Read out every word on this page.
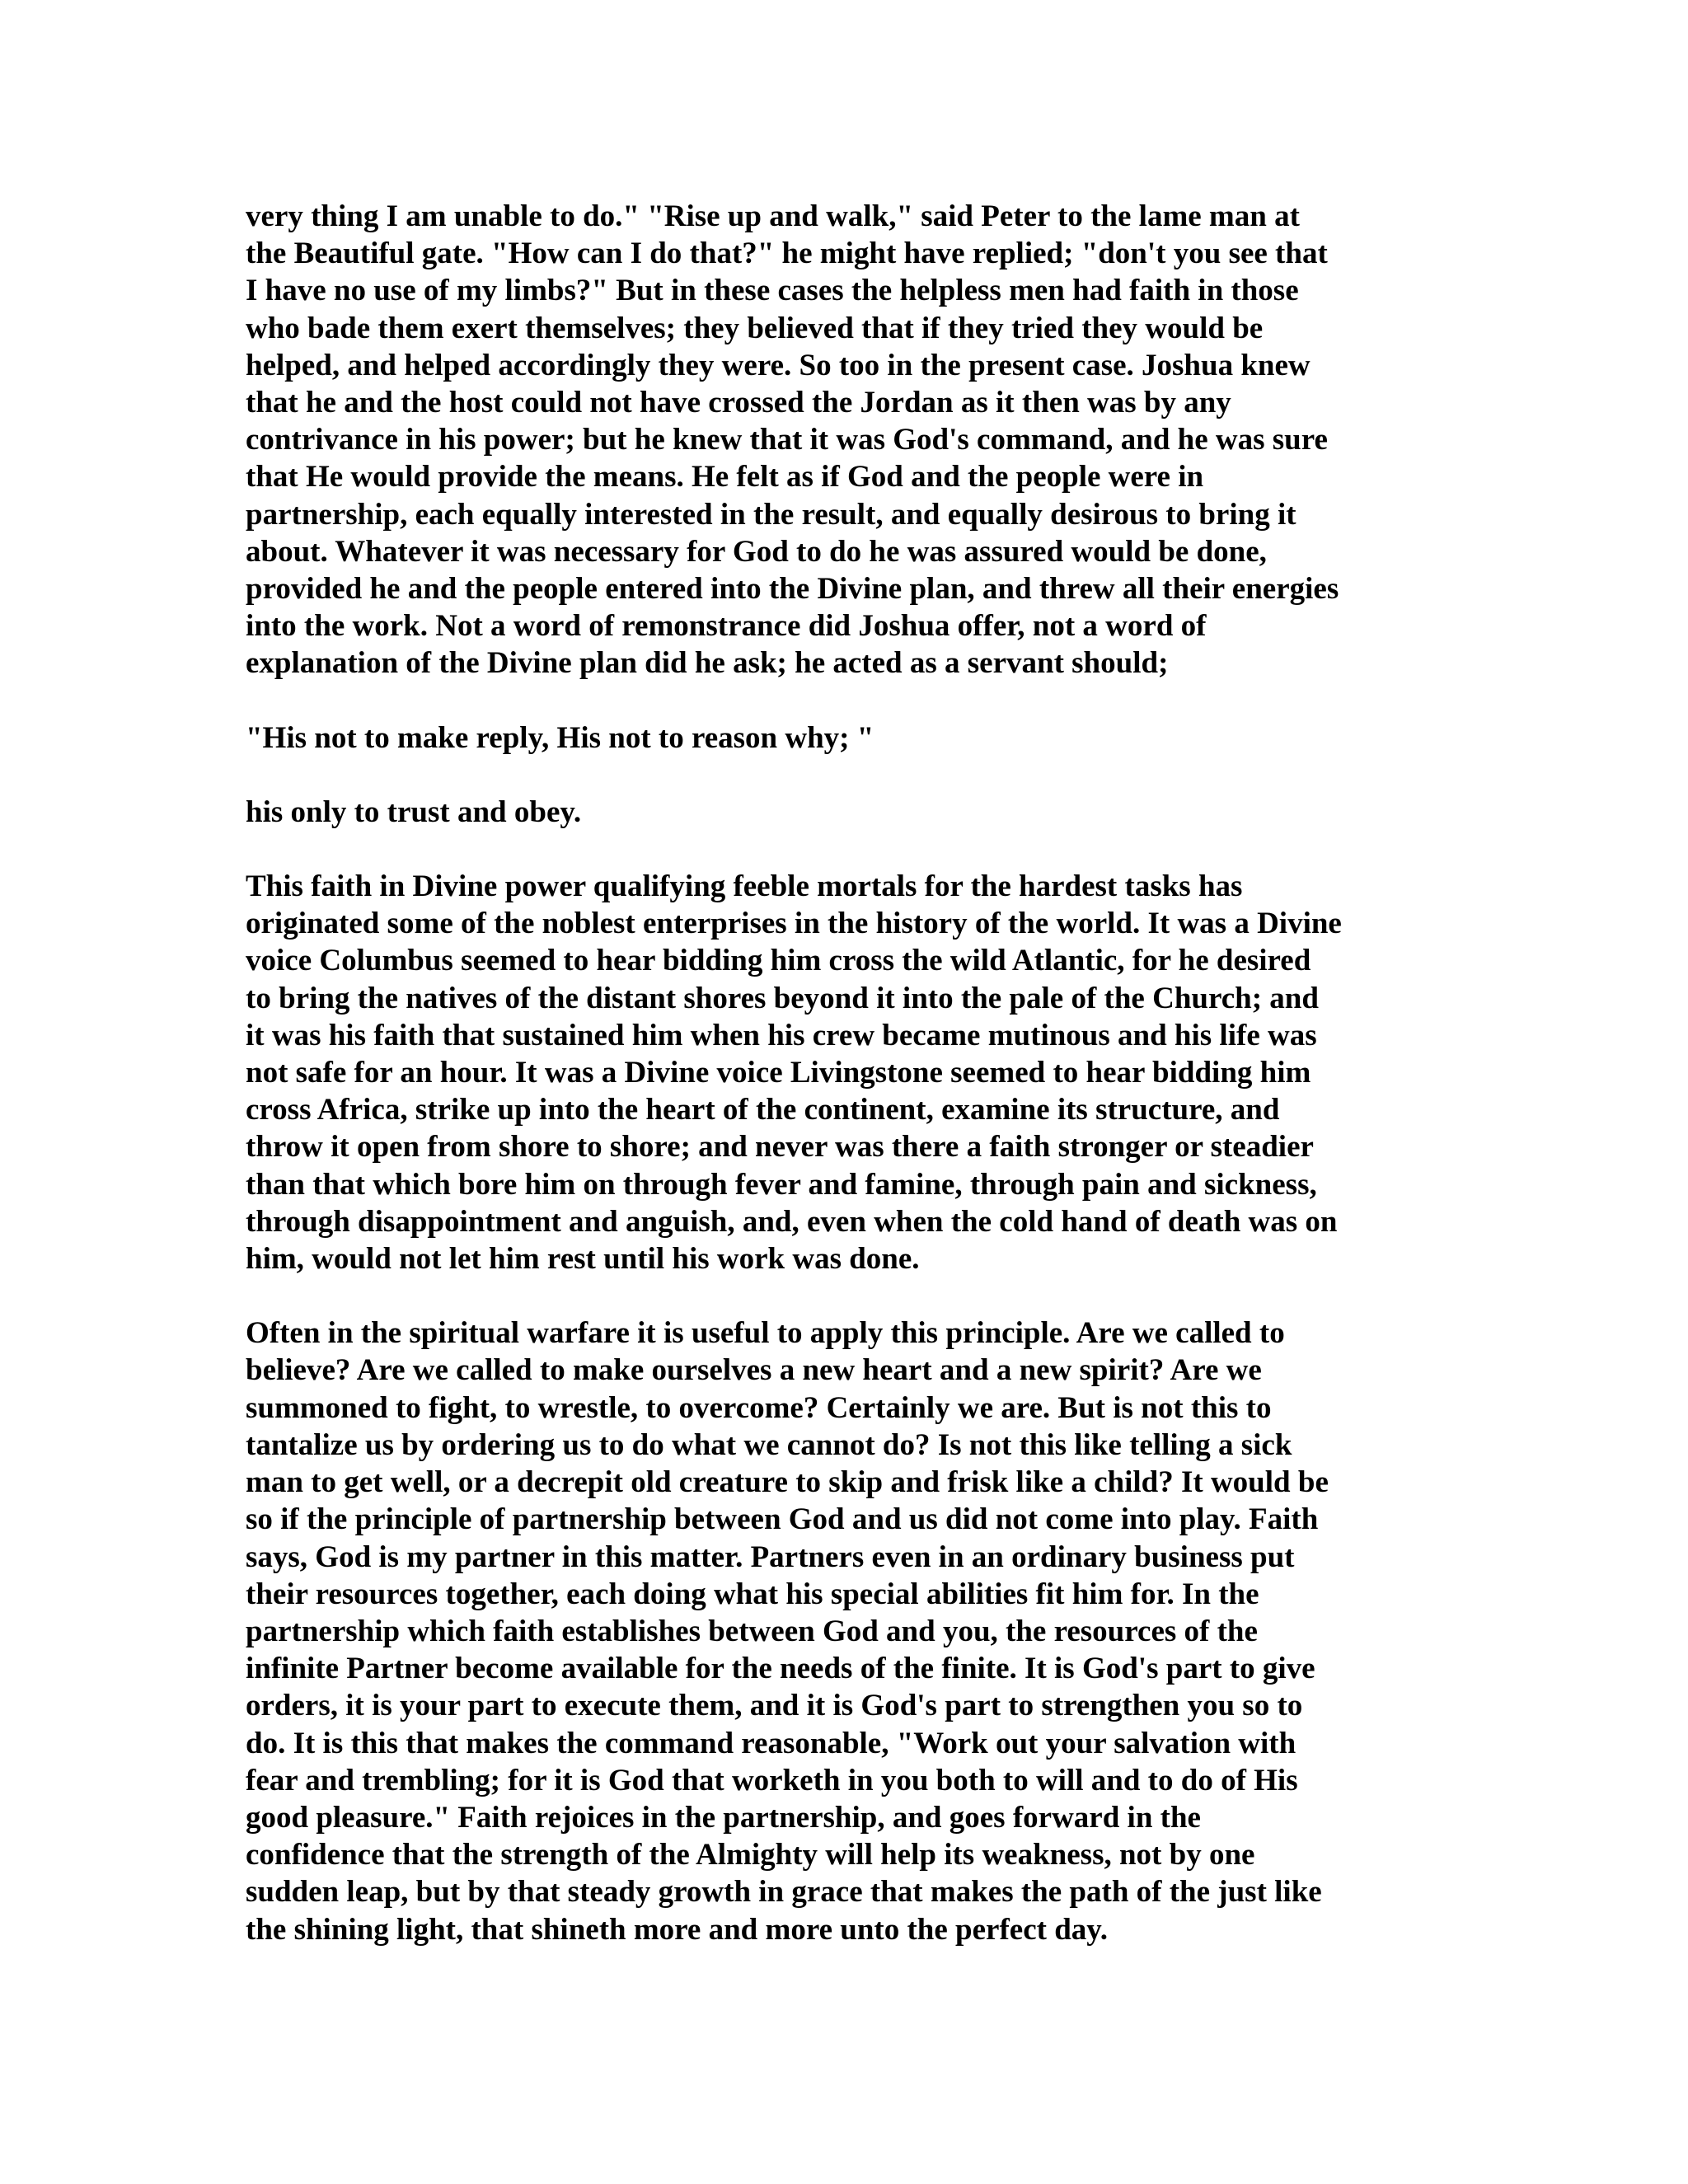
very thing I am unable to do." "Rise up and walk," said Peter to the lame man at
the Beautiful gate. "How can I do that?" he might have replied; "don't you see that
I have no use of my limbs?" But in these cases the helpless men had faith in those
who bade them exert themselves; they believed that if they tried they would be
helped, and helped accordingly they were. So too in the present case. Joshua knew
that he and the host could not have crossed the Jordan as it then was by any
contrivance in his power; but he knew that it was God's command, and he was sure
that He would provide the means. He felt as if God and the people were in
partnership, each equally interested in the result, and equally desirous to bring it
about. Whatever it was necessary for God to do he was assured would be done,
provided he and the people entered into the Divine plan, and threw all their energies
into the work. Not a word of remonstrance did Joshua offer, not a word of
explanation of the Divine plan did he ask; he acted as a servant should;

"His not to make reply, His not to reason why; "

his only to trust and obey.

This faith in Divine power qualifying feeble mortals for the hardest tasks has
originated some of the noblest enterprises in the history of the world. It was a Divine
voice Columbus seemed to hear bidding him cross the wild Atlantic, for he desired
to bring the natives of the distant shores beyond it into the pale of the Church; and
it was his faith that sustained him when his crew became mutinous and his life was
not safe for an hour. It was a Divine voice Livingstone seemed to hear bidding him
cross Africa, strike up into the heart of the continent, examine its structure, and
throw it open from shore to shore; and never was there a faith stronger or steadier
than that which bore him on through fever and famine, through pain and sickness,
through disappointment and anguish, and, even when the cold hand of death was on
him, would not let him rest until his work was done.

Often in the spiritual warfare it is useful to apply this principle. Are we called to
believe? Are we called to make ourselves a new heart and a new spirit? Are we
summoned to fight, to wrestle, to overcome? Certainly we are. But is not this to
tantalize us by ordering us to do what we cannot do? Is not this like telling a sick
man to get well, or a decrepit old creature to skip and frisk like a child? It would be
so if the principle of partnership between God and us did not come into play. Faith
says, God is my partner in this matter. Partners even in an ordinary business put
their resources together, each doing what his special abilities fit him for. In the
partnership which faith establishes between God and you, the resources of the
infinite Partner become available for the needs of the finite. It is God's part to give
orders, it is your part to execute them, and it is God's part to strengthen you so to
do. It is this that makes the command reasonable, "Work out your salvation with
fear and trembling; for it is God that worketh in you both to will and to do of His
good pleasure." Faith rejoices in the partnership, and goes forward in the
confidence that the strength of the Almighty will help its weakness, not by one
sudden leap, but by that steady growth in grace that makes the path of the just like
the shining light, that shineth more and more unto the perfect day.
